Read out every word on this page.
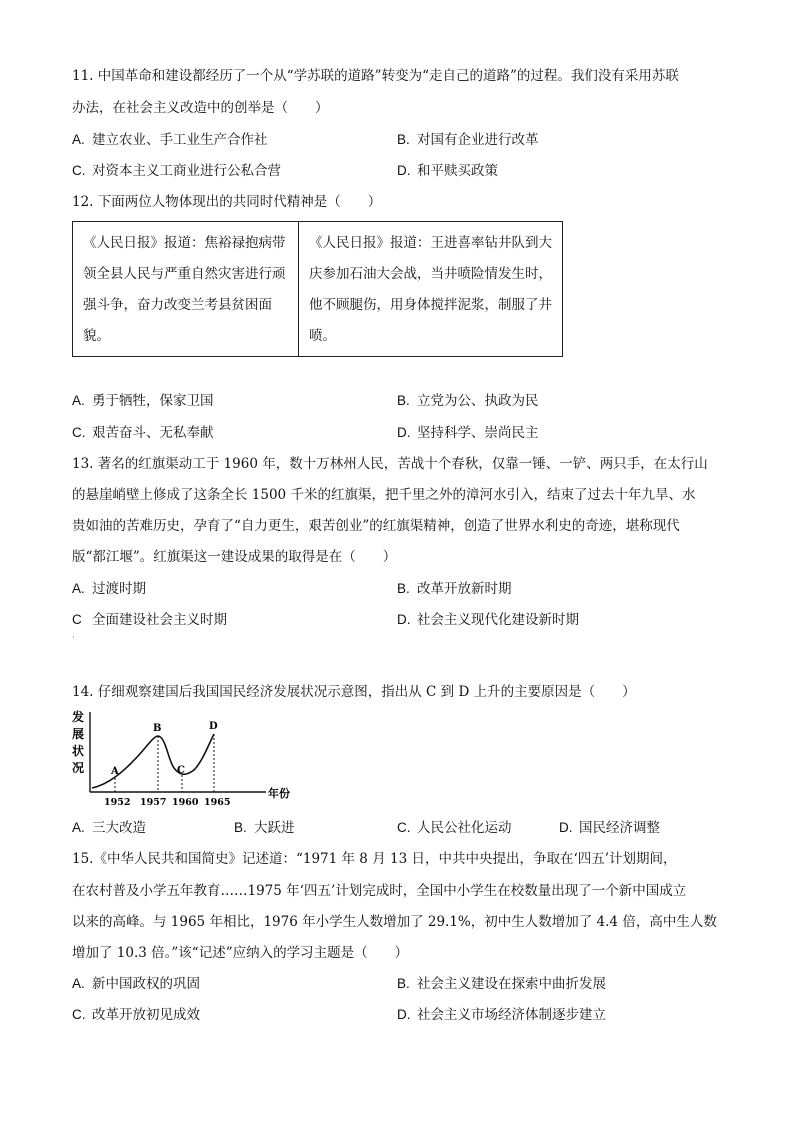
11. 中国革命和建设都经历了一个从“学苏联的道路”转变为“走自己的道路”的过程。我们没有采用苏联
办法，在社会主义改造中的创举是（　　）
A. 建立农业、手工业生产合作社	B. 对国有企业进行改革
C. 对资本主义工商业进行公私合营	D. 和平赎买政策
12. 下面两位人物体现出的共同时代精神是（　　）
《人民日报》报道：焦裕禄抱病带领全县人民与严重自然灾害进行顽强斗争，奋力改变兰考县贫困面貌。	《人民日报》报道：王进喜率钻井队到大庆参加石油大会战，当井喷险情发生时，他不顾腿伤，用身体搅拌泥浆，制服了井喷。
A. 勇于牺牲，保家卫国	B. 立党为公、执政为民
C. 艰苦奋斗、无私奉献	D. 坚持科学、崇尚民主
13. 著名的红旗渠动工于 1960 年，数十万林州人民，苦战十个春秋，仅靠一锤、一铲、两只手，在太行山
的悬崖峭壁上修成了这条全长 1500 千米的红旗渠，把千里之外的漳河水引入，结束了过去十年九旱、水
贵如油的苦难历史，孕育了“自力更生，艰苦创业”的红旗渠精神，创造了世界水利史的奇迹，堪称现代
版“都江堰”。红旗渠这一建设成果的取得是在（　　）
A. 过渡时期	B. 改革开放新时期
C 全面建设社会主义时期	D. 社会主义现代化建设新时期
·
14. 仔细观察建国后我国国民经济发展状况示意图，指出从 C 到 D 上升的主要原因是（　　）
发
展
状
况	A
B
C
D
1952 1957 1960 1965
年份
A. 三大改造	B. 大跃进	C. 人民公社化运动	D. 国民经济调整
15.《中华人民共和国简史》记述道：“1971 年 8 月 13 日，中共中央提出，争取在‘四五’计划期间，
在农村普及小学五年教育……1975 年‘四五’计划完成时，全国中小学生在校数量出现了一个新中国成立
以来的高峰。与 1965 年相比，1976 年小学生人数增加了 29.1%，初中生人数增加了 4.4 倍，高中生人数
增加了 10.3 倍。”该“记述”应纳入的学习主题是（　　）
A. 新中国政权的巩固	B. 社会主义建设在探索中曲折发展
C. 改革开放初见成效	D. 社会主义市场经济体制逐步建立
